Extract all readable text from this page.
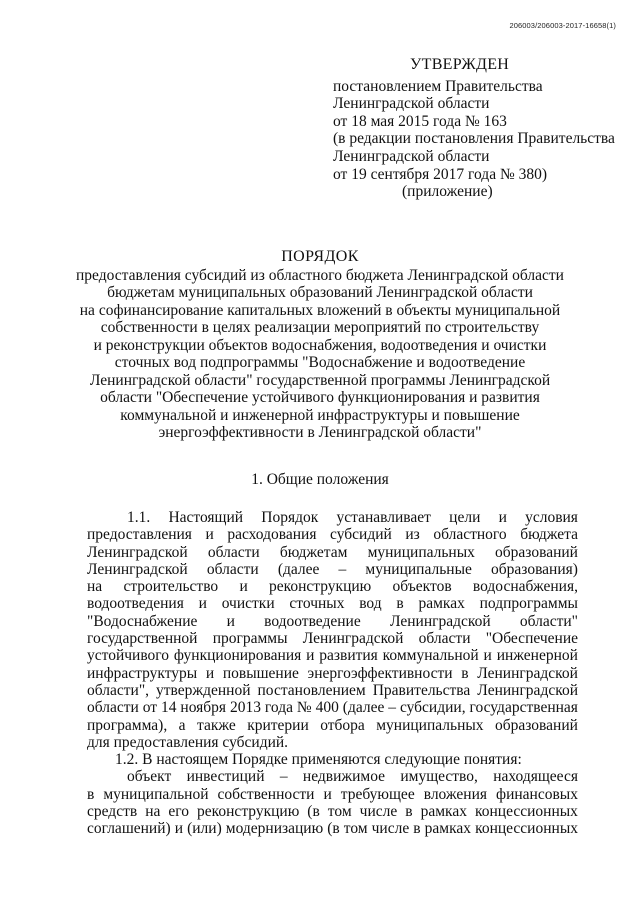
206003/206003-2017-16658(1)
УТВЕРЖДЕН
постановлением Правительства
Ленинградской области
от 18 мая 2015 года № 163
(в редакции постановления Правительства
Ленинградской области
от 19 сентября 2017 года № 380)
(приложение)
ПОРЯДОК
предоставления субсидий из областного бюджета Ленинградской области
бюджетам муниципальных образований Ленинградской области
на софинансирование капитальных вложений в объекты муниципальной
собственности в целях реализации мероприятий по строительству
и реконструкции объектов водоснабжения, водоотведения и очистки
сточных вод подпрограммы "Водоснабжение и водоотведение
Ленинградской области" государственной программы Ленинградской
области "Обеспечение устойчивого функционирования и развития
коммунальной и инженерной инфраструктуры и повышение
энергоэффективности в Ленинградской области"
1. Общие положения
1.1. Настоящий Порядок устанавливает цели и условия
предоставления и расходования субсидий из областного бюджета
Ленинградской области бюджетам муниципальных образований
Ленинградской области (далее – муниципальные образования)
на строительство и реконструкцию объектов водоснабжения,
водоотведения и очистки сточных вод в рамках подпрограммы
"Водоснабжение и водоотведение Ленинградской области"
государственной программы Ленинградской области "Обеспечение
устойчивого функционирования и развития коммунальной и инженерной
инфраструктуры и повышение энергоэффективности в Ленинградской
области", утвержденной постановлением Правительства Ленинградской
области от 14 ноября 2013 года № 400 (далее – субсидии, государственная
программа), а также критерии отбора муниципальных образований
для предоставления субсидий.
1.2. В настоящем Порядке применяются следующие понятия:
объект инвестиций – недвижимое имущество, находящееся
в муниципальной собственности и требующее вложения финансовых
средств на его реконструкцию (в том числе в рамках концессионных
соглашений) и (или) модернизацию (в том числе в рамках концессионных
